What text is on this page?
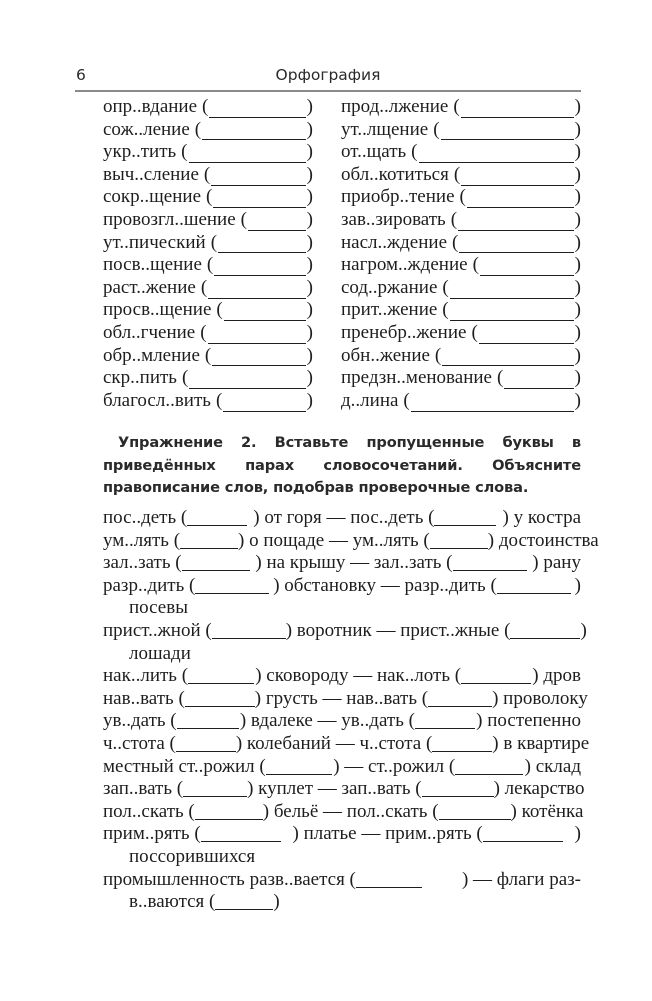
6	Орфография
опр..вдание (	)
сож..ление (	)
укр..тить (	)
выч..сление (	)
сокр..щение (	)
провозгл..шение (	)
ут..пический (	)
посв..щение (	)
раст..жение (	)
просв..щение (	)
обл..гчение (	)
обр..мление (	)
скр..пить (	)
благосл..вить (	)
прод..лжение (	)
ут..лщение (	)
от..щать (	)
обл..котиться (	)
приобр..тение (	)
зав..зировать (	)
насл..ждение (	)
нагром..ждение (	)
сод..ржание (	)
прит..жение (	)
пренебр..жение (	)
обн..жение (	)
предзн..менование (	)
д..лина (	)
Упражнение 2. Вставьте пропущенные буквы в приведённых парах словосочетаний. Объясните правописание слов, подобрав проверочные слова.
пос..деть (	) от горя — пос..деть (	) у костра
ум..лять (	) о пощаде — ум..лять (	) достоинства
зал..зать (	) на крышу — зал..зать (	) рану
разр..дить (	) обстановку — разр..дить (	)
посевы
прист..жной (	) воротник — прист..жные (	)
лошади
нак..лить (	) сковороду — нак..лоть (	) дров
нав..вать (	) грусть — нав..вать (	) проволоку
ув..дать (	) вдалеке — ув..дать (	) постепенно
ч..стота (	) колебаний — ч..стота (	) в квартире
местный ст..рожил (	) — ст..рожил (	) склад
зап..вать (	) куплет — зап..вать (	) лекарство
пол..скать (	) бельё — пол..скать (	) котёнка
прим..рять (	) платье — прим..рять (	)
поссорившихся
промышленность разв..вается (	) — флаги раз-
в..ваются (	)
